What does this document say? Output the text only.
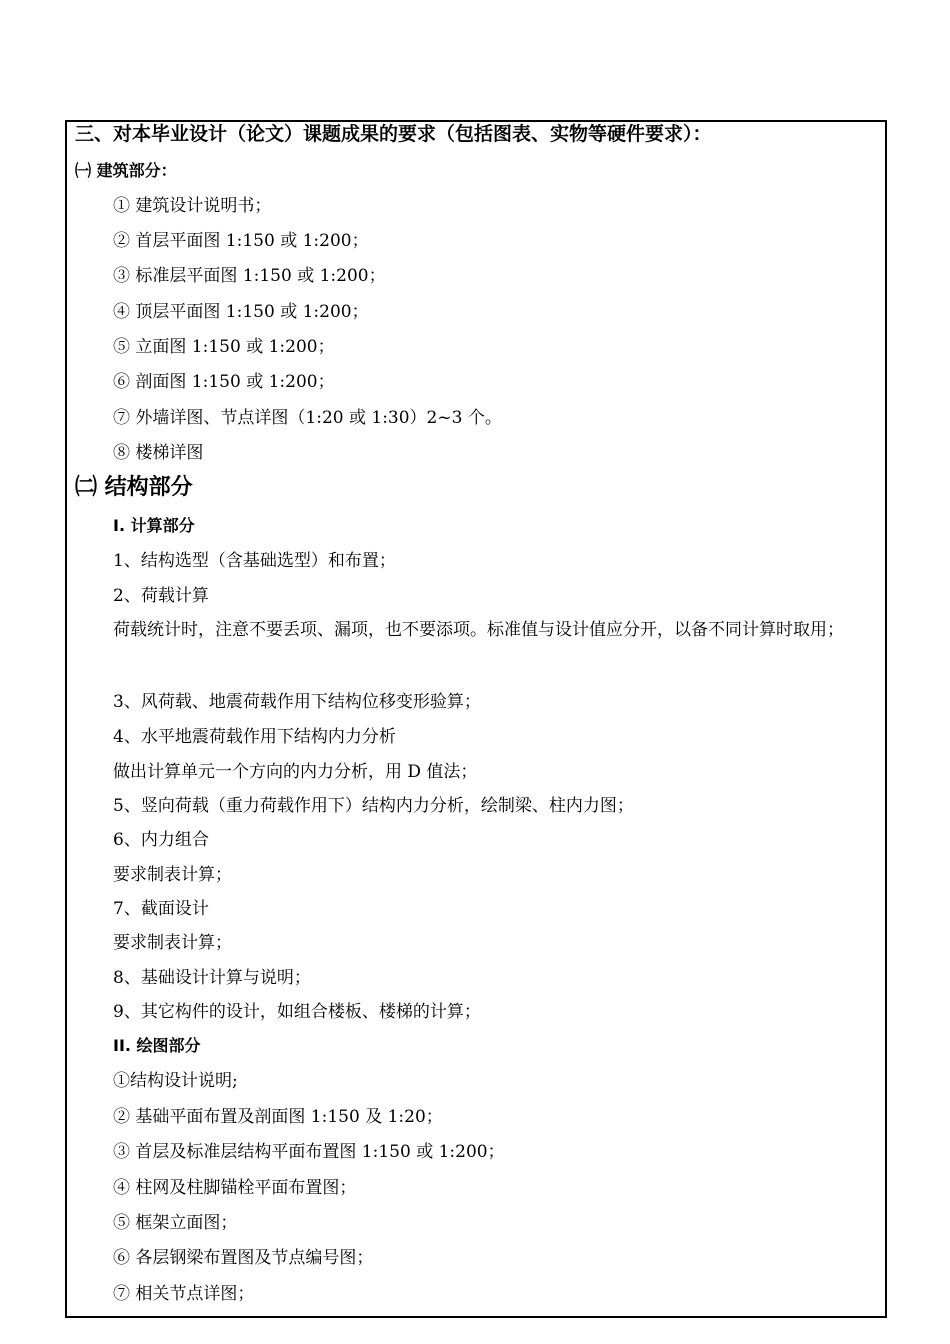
三、对本毕业设计（论文）课题成果的要求（包括图表、实物等硬件要求）：
㈠ 建筑部分：
① 建筑设计说明书；
② 首层平面图 1:150 或 1:200；
③ 标准层平面图 1:150 或 1:200；
④ 顶层平面图 1:150 或 1:200；
⑤ 立面图 1:150 或 1:200；
⑥ 剖面图 1:150 或 1:200；
⑦ 外墙详图、节点详图（1:20 或 1:30）2~3 个。
⑧ 楼梯详图
㈡ 结构部分
I. 计算部分
1、结构选型（含基础选型）和布置；
2、荷载计算
荷载统计时，注意不要丢项、漏项，也不要添项。标准值与设计值应分开，以备不同计算时取用；
3、风荷载、地震荷载作用下结构位移变形验算；
4、水平地震荷载作用下结构内力分析
做出计算单元一个方向的内力分析，用 D 值法；
5、竖向荷载（重力荷载作用下）结构内力分析，绘制梁、柱内力图；
6、内力组合
要求制表计算；
7、截面设计
要求制表计算；
8、基础设计计算与说明；
9、其它构件的设计，如组合楼板、楼梯的计算；
II. 绘图部分
①结构设计说明;
② 基础平面布置及剖面图 1:150 及 1:20；
③ 首层及标准层结构平面布置图 1:150 或 1:200；
④ 柱网及柱脚锚栓平面布置图；
⑤ 框架立面图；
⑥ 各层钢梁布置图及节点编号图；
⑦ 相关节点详图；
